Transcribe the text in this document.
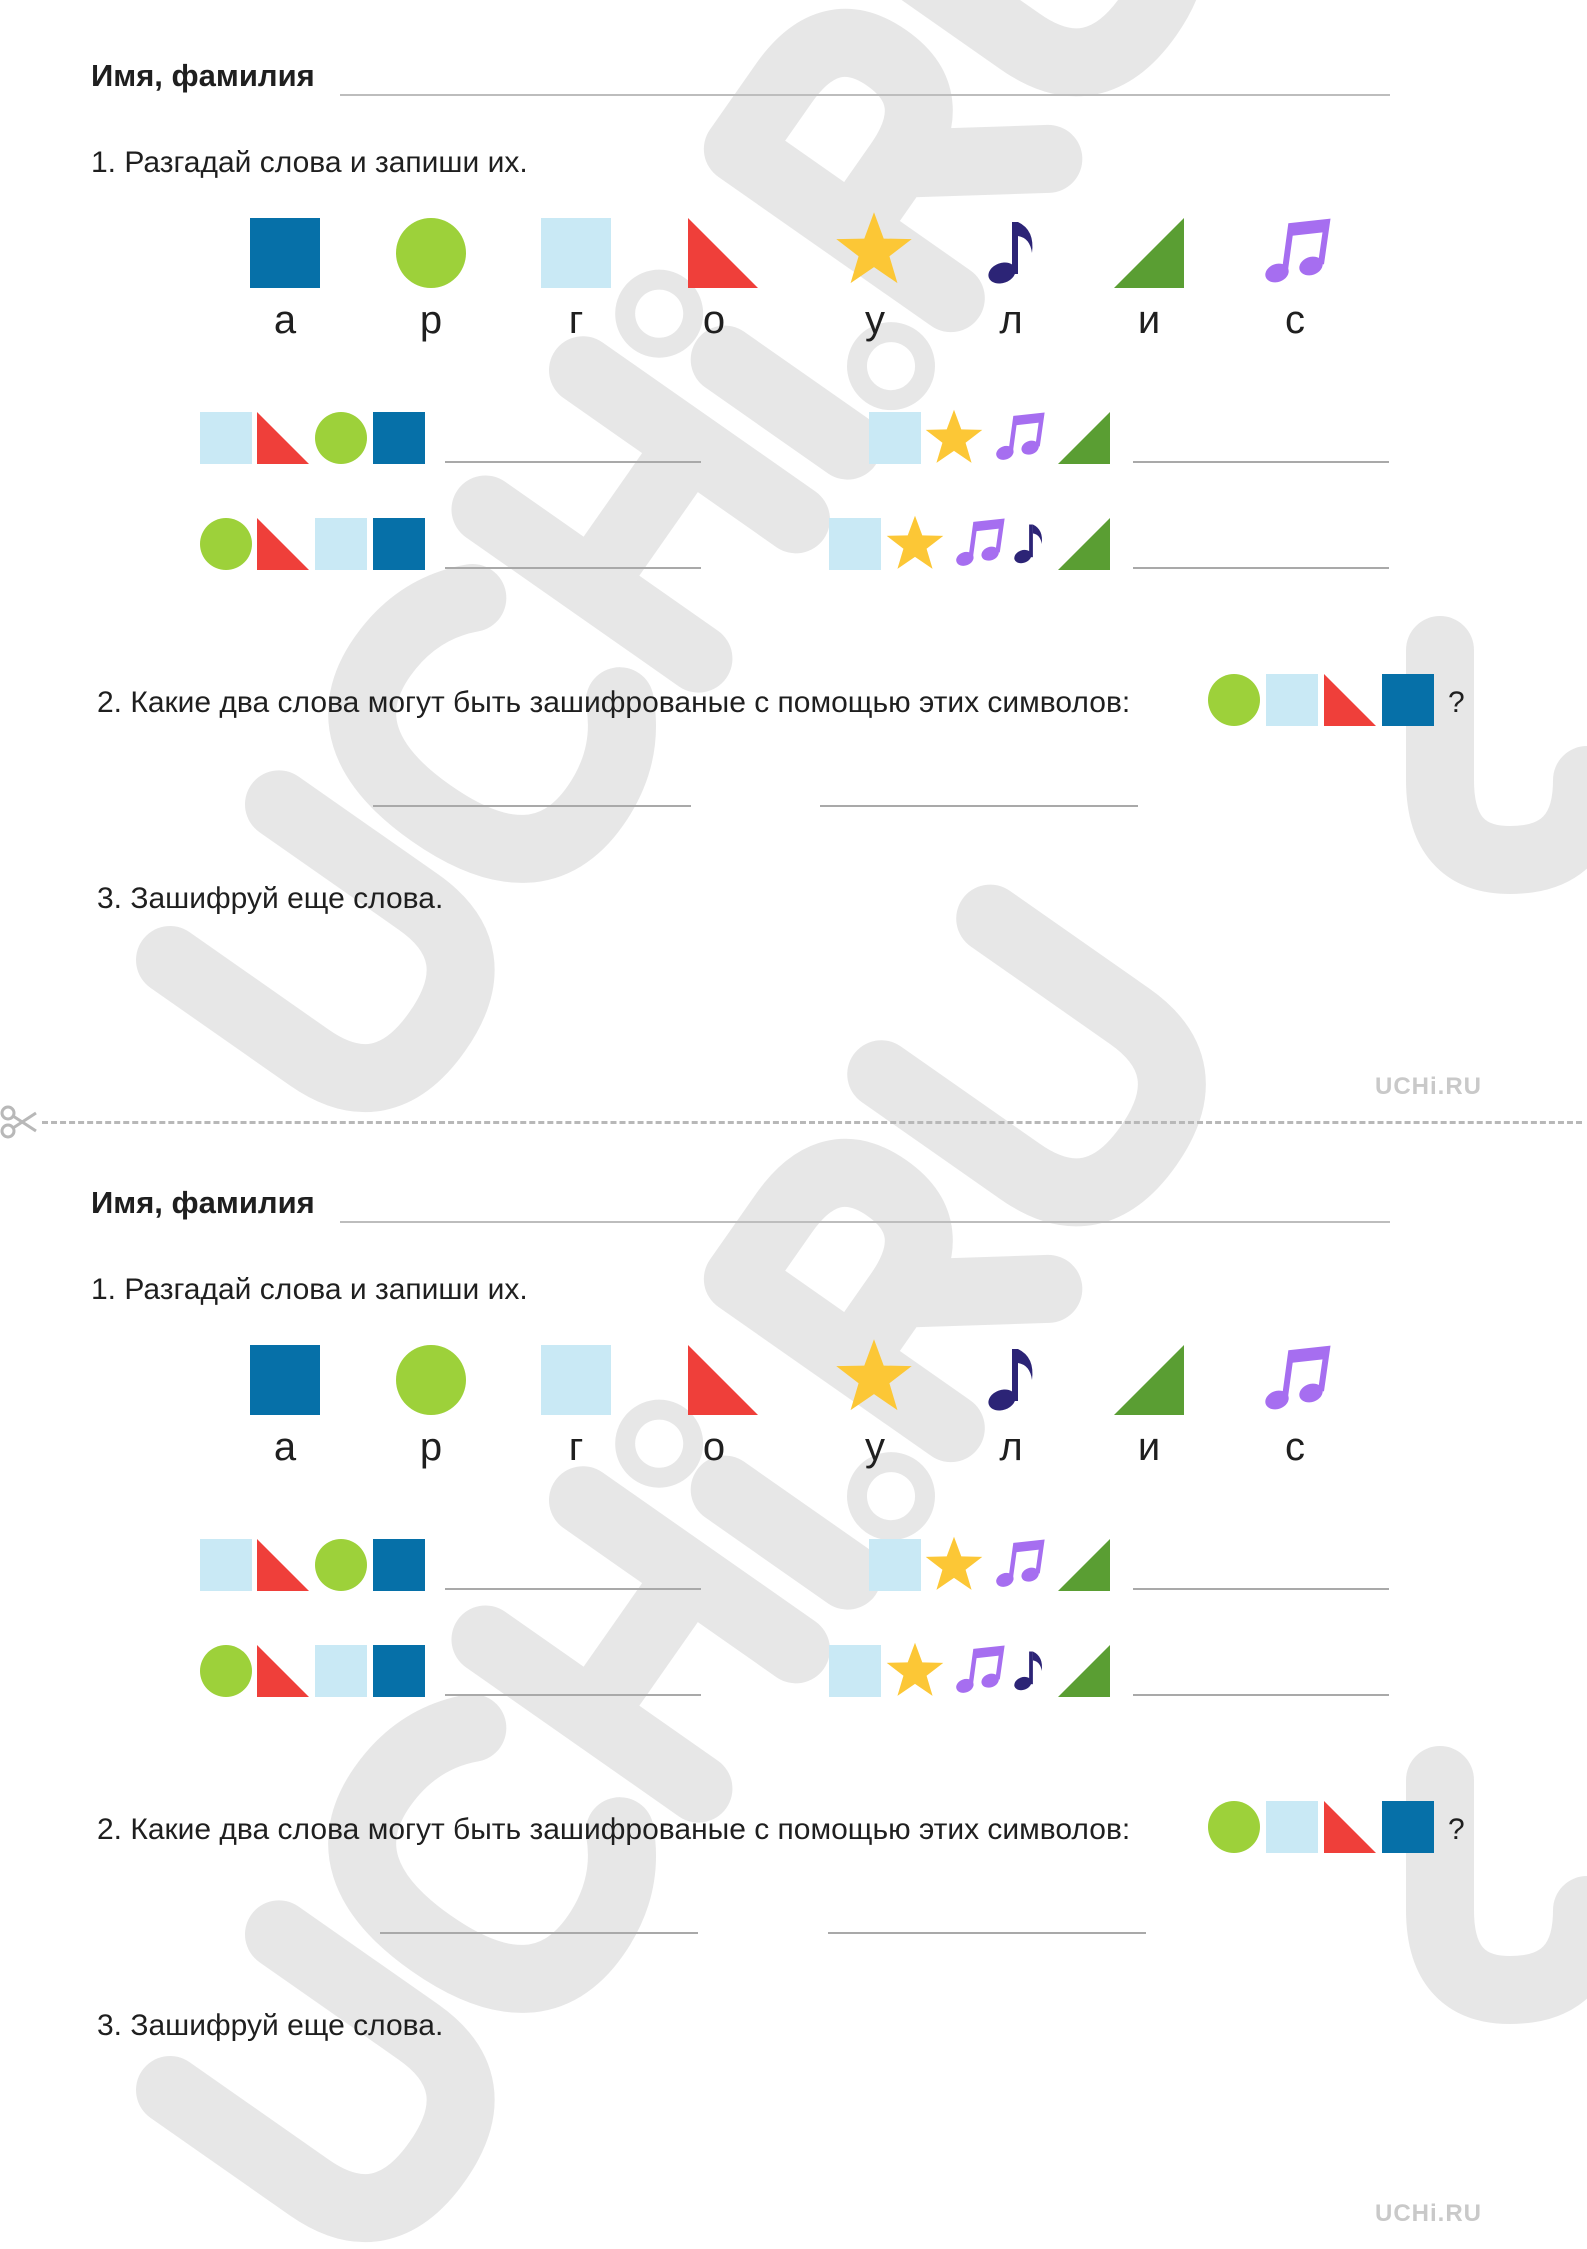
Имя, фамилия
1. Разгадай слова и запиши их.
а	р	г	о	у	л	и	с
2. Какие два слова могут быть зашифрованые с помощью этих символов:	?
3. Зашифруй еще слова.
UCHi.RU
Имя, фамилия
1. Разгадай слова и запиши их.
а	р	г	о	у	л	и	с
2. Какие два слова могут быть зашифрованые с помощью этих символов:	?
3. Зашифруй еще слова.
UCHi.RU
